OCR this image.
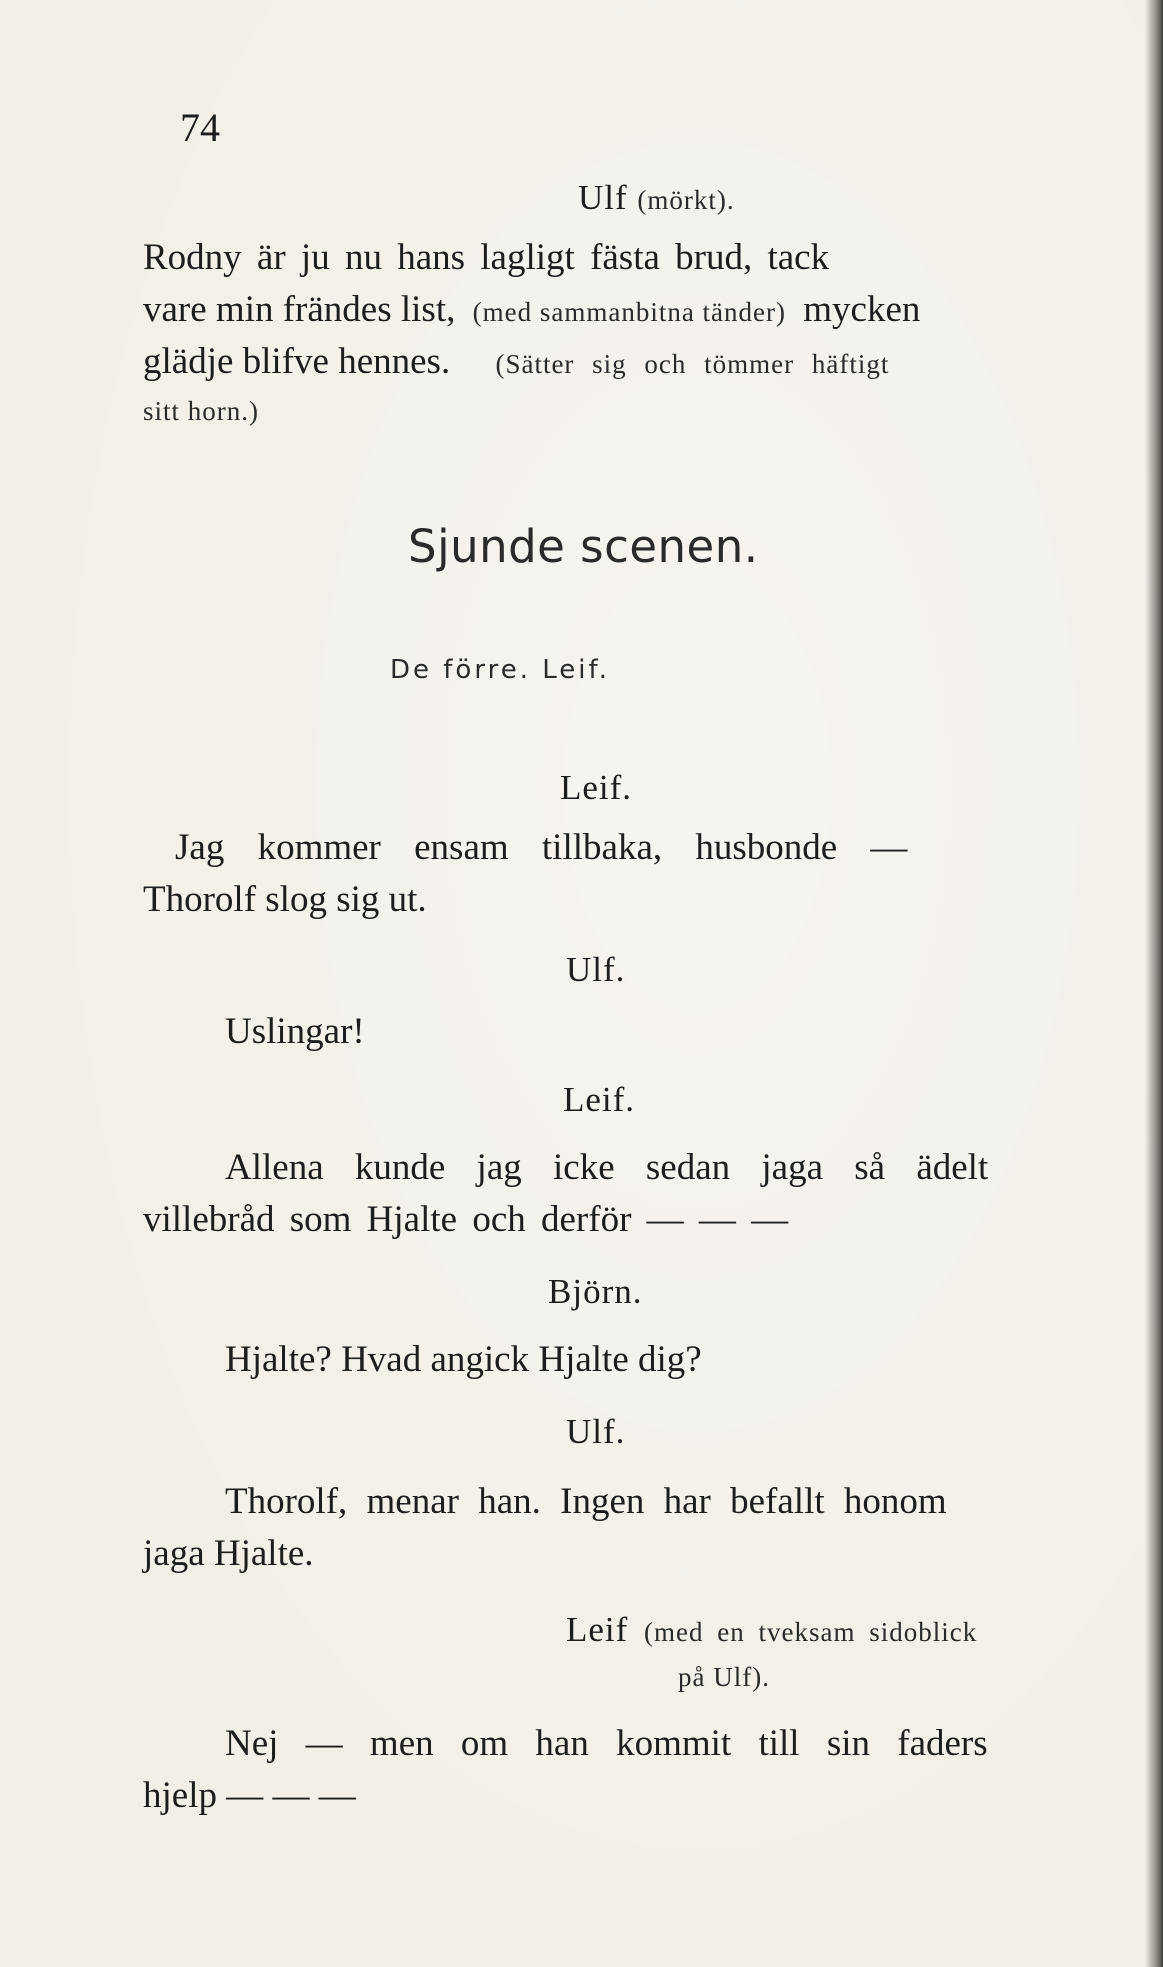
74
Ulf (mörkt).
Rodny är ju nu hans lagligt fästa brud, tack
vare min frändes list, (med sammanbitna tänder) mycken
glädje blifve hennes. (Sätter sig och tömmer häftigt
sitt horn.)
Sjunde scenen.
De förre. Leif.
Leif.
Jag kommer ensam tillbaka, husbonde —
Thorolf slog sig ut.
Ulf.
Uslingar!
Leif.
Allena kunde jag icke sedan jaga så ädelt
villebråd som Hjalte och derför — — —
Björn.
Hjalte? Hvad angick Hjalte dig?
Ulf.
Thorolf, menar han. Ingen har befallt honom
jaga Hjalte.
Leif (med en tveksam sidoblick
på Ulf).
Nej — men om han kommit till sin faders
hjelp — — —
